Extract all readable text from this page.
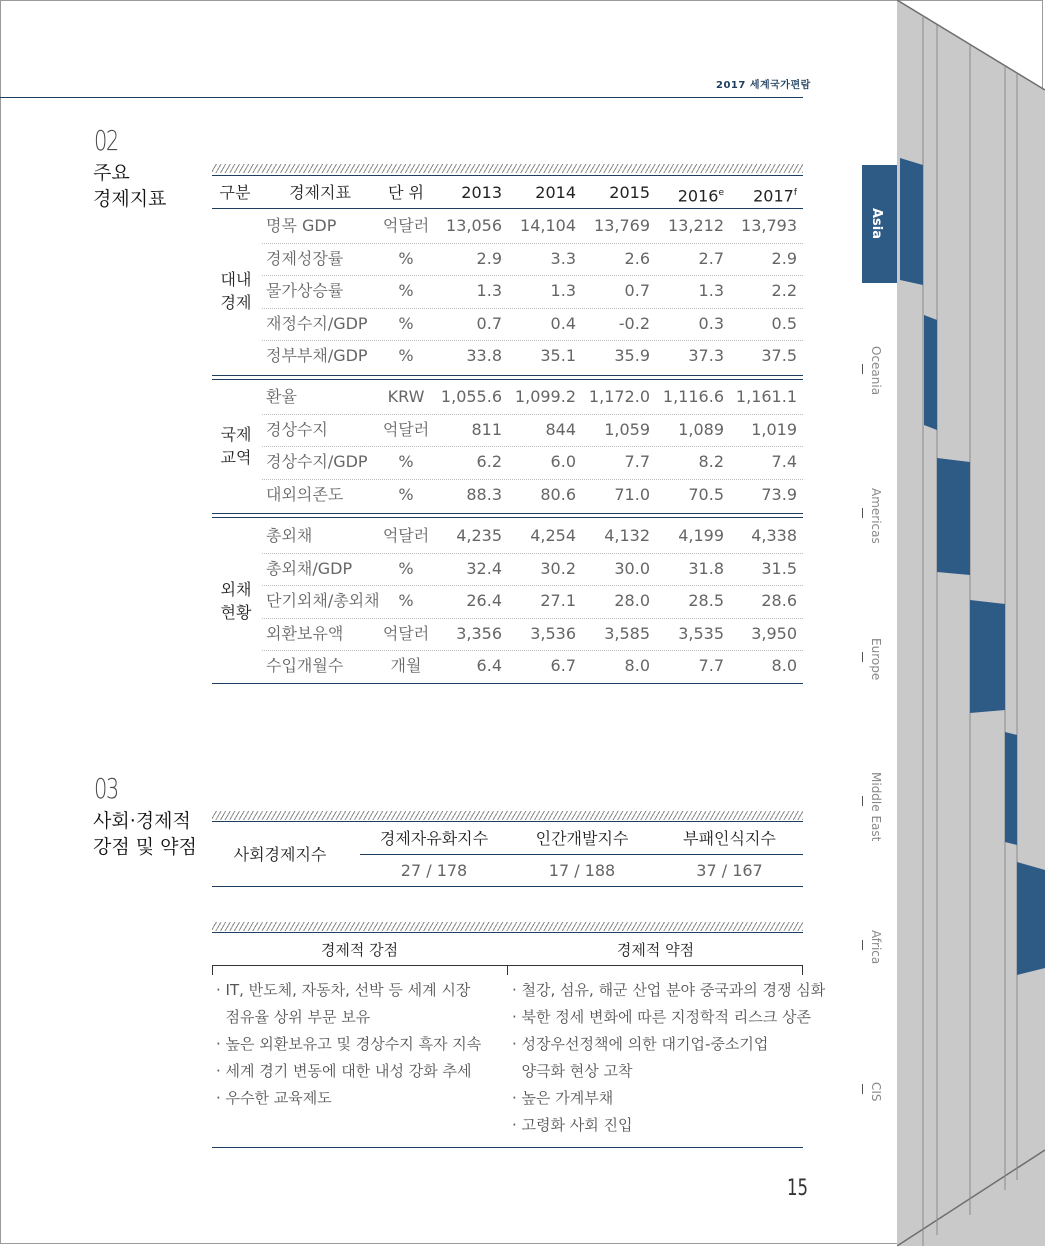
2017 세계국가편람
02
주요
경제지표	구분	경제지표	단 위	2013	2014	2015	2016e	2017$^f$
대내
경제
명목 GDP	억달러	13,056	14,104	13,769	13,212	13,793
경제성장률	%	2.9	3.3	2.6	2.7	2.9
물가상승률	%	1.3	1.3	0.7	1.3	2.2
재정수지/GDP	%	0.7	0.4	-0.2	0.3	0.5
정부부채/GDP	%	33.8	35.1	35.9	37.3	37.5
국제
교역
환율	KRW	1,055.6 1,099.2 1,172.0 1,116.6 1,161.1
경상수지	억달러	811	844	1,059	1,089	1,019
경상수지/GDP	%	6.2	6.0	7.7	8.2	7.4
대외의존도	%	88.3	80.6	71.0	70.5	73.9
외채
현황
총외채	억달러	4,235	4,254	4,132	4,199	4,338
총외채/GDP	%	32.4	30.2	30.0	31.8	31.5
단기외채/총외채	%	26.4	27.1	28.0	28.5	28.6
외환보유액	억달러	3,356	3,536	3,585	3,535	3,950
수입개월수	개월	6.4	6.7	8.0	7.7	8.0
03
사회·경제적
강점 및 약점	사회경제지수
경제자유화지수	인간개발지수	부패인식지수
27 / 178	17 / 188	37 / 167
경제적 강점	경제적 약점
· IT, 반도체, 자동차, 선박 등 세계 시장
점유율 상위 부문 보유
· 높은 외환보유고 및 경상수지 흑자 지속
· 세계 경기 변동에 대한 내성 강화 추세
· 우수한 교육제도
· 철강, 섬유, 해군 산업 분야 중국과의 경쟁 심화
· 북한 정세 변화에 따른 지정학적 리스크 상존
· 성장우선정책에 의한 대기업-중소기업
양극화 현상 고착
· 높은 가계부채
· 고령화 사회 진입
15
Asia
Oceania
Americas
Europe
Middle East
Africa
CIS
